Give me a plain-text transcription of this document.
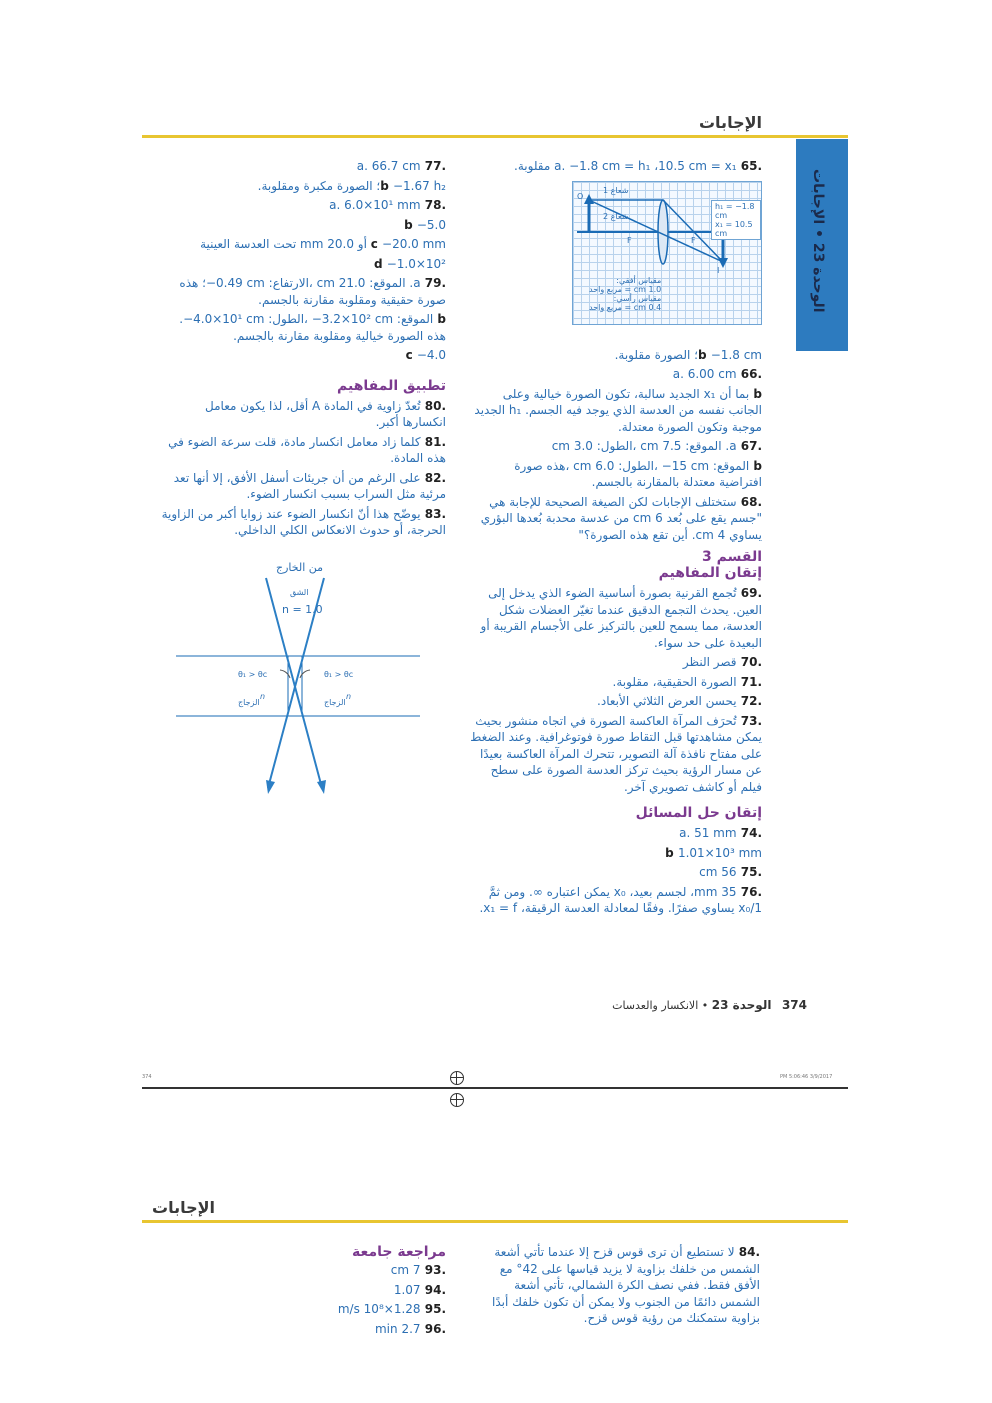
الإجابات
الوحدة 23 • الإجابات
.65 a. ‎−1.8 cm = h₁ ،10.5 cm = x₁‎ مقلوبة.
شعاع 1
شعاع 2
O
F	F
I
h₁ = −1.8 cm
x₁ = 10.5 cm
مقياس أفقي:
1.0 cm = مربع واحد
مقياس رأسي:
0.4 cm = مربع واحد
b ‎−1.8 cm‎؛ الصورة مقلوبة.
.66 a. 6.00 cm
b بما أن x₁ الجديد سالبة، تكون الصورة خيالية وعلى الجانب نفسه من العدسة الذي يوجد فيه الجسم. h₁ الجديد موجبة وتكون الصورة معتدلة.
.67 a. الموقع: 7.5 cm ،الطول: 3.0 cm
b الموقع: ‎−15 cm‎ ،الطول: 6.0 cm ،هذه صورة افتراضية معتدلة بالمقارنة بالجسم.
.68 ستختلف الإجابات لكن الصيغة الصحيحة للإجابة هي "جسم يقع على بُعد 6 cm من عدسة محدبة بُعدها البؤري يساوي 4 cm. أين تقع هذه الصورة؟"
القسم 3
إتقان المفاهيم
.69 تُجمع القرنية بصورة أساسية الضوء الذي يدخل إلى العين. يحدث التجمع الدقيق عندما تغيّر العضلات شكل العدسة، مما يسمح للعين بالتركيز على الأجسام القريبة أو البعيدة على حد سواء.
.70 قصر النظر
.71 الصورة الحقيقية، مقلوبة.
.72 يحسن العرض الثلاثي الأبعاد.
.73 تُحرَف المرآة العاكسة الصورة في اتجاه منشور بحيث يمكن مشاهدتها قبل التقاط صورة فوتوغرافية. وعند الضغط على مفتاح نافذة آلة التصوير، تتحرك المرآة العاكسة بعيدًا عن مسار الرؤية بحيث تركز العدسة الصورة على سطح فيلم أو كاشف تصويري آخر.
إتقان حل المسائل
.74 a. 51 mm
b 1.01×10³ mm
.75 56 cm
.76 35 mm، لجسم بعيد، x₀ يمكن اعتباره ∞. ومن ثمَّ 1/x₀ يساوي صفرًا. وفقًا لمعادلة العدسة الرقيقة، x₁ = f.
.77 a. 66.7 cm
b ‎−1.67 h₂‎؛ الصورة مكبرة ومقلوبة.
.78 a. 6.0×10¹ mm
b ‎−5.0
c ‎−20.0 mm‎ أو 20.0 mm تحت العدسة العينية
d ‎−1.0×10²
.79 a. الموقع: 21.0 cm ،الارتفاع: ‎−0.49 cm‎؛ هذه صورة حقيقية ومقلوبة مقارنة بالجسم.
b الموقع: ‎−3.2×10² cm‎ ،الطول: ‎−4.0×10¹ cm‎. هذه الصورة خيالية ومقلوبة مقارنة بالجسم.
c ‎−4.0
تطبيق المفاهيم
.80 تُعدّ زاوية في المادة A أقل، لذا يكون معامل انكسارها أكبر.
.81 كلما زاد معامل انكسار مادة، قلت سرعة الضوء في هذه المادة.
.82 على الرغم من أن جريئات أسفل الأفق، إلا أنها تعد مرئية مثل السراب بسبب انكسار الضوء.
.83 يوضّح هذا أنّ انكسار الضوء عند زوايا أكبر من الزاوية الحرجة، أو حدوث الانعكاس الكلي الداخلي.
من الخارج
الشق
n = 1.0
θ₁ > θc	θ₁ > θc
الزجاج
n
الزجاج
n
374   الوحدة 23 • الانكسار والعدسات
374	3/9/2017 5:06:46 PM
الإجابات
.84 لا تستطيع أن ترى قوس قزح إلا عندما تأتي أشعة الشمس من خلفك بزاوية لا يزيد قياسها على 42° مع الأفق فقط. ففي نصف الكرة الشمالي، تأتي أشعة الشمس دائمًا من الجنوب ولا يمكن أن تكون خلفك أبدًا بزاوية ستمكنك من رؤية قوس قزح.
مراجعة جامعة
.93 7 cm
.94 1.07
.95 1.28×10⁸ m/s
.96 2.7 min
